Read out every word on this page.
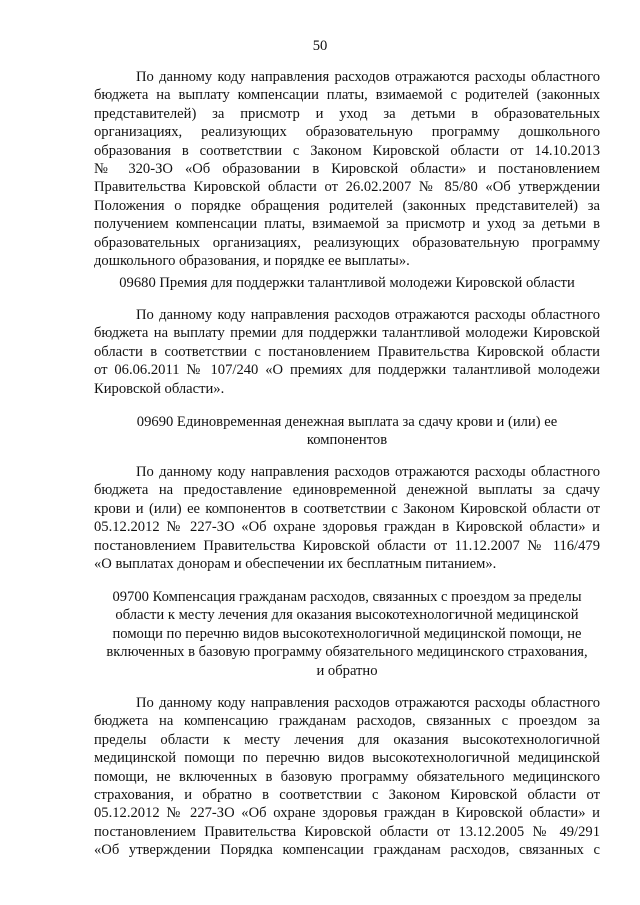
50
По данному коду направления расходов отражаются расходы областного
бюджета на выплату компенсации платы, взимаемой с родителей (законных
представителей) за присмотр и уход за детьми в образовательных
организациях, реализующих образовательную программу дошкольного
образования в соответствии с Законом Кировской области от 14.10.2013
№ 320-ЗО «Об образовании в Кировской области» и постановлением
Правительства Кировской области от 26.02.2007 № 85/80 «Об утверждении
Положения о порядке обращения родителей (законных представителей) за
получением компенсации платы, взимаемой за присмотр и уход за детьми в
образовательных организациях, реализующих образовательную программу
дошкольного образования, и порядке ее выплаты».
09680 Премия для поддержки талантливой молодежи Кировской области
По данному коду направления расходов отражаются расходы областного
бюджета на выплату премии для поддержки талантливой молодежи Кировской
области в соответствии с постановлением Правительства Кировской области
от 06.06.2011 № 107/240 «О премиях для поддержки талантливой молодежи
Кировской области».
09690 Единовременная денежная выплата за сдачу крови и (или) ее
компонентов
По данному коду направления расходов отражаются расходы областного
бюджета на предоставление единовременной денежной выплаты за сдачу
крови и (или) ее компонентов в соответствии с Законом Кировской области от
05.12.2012 № 227-ЗО «Об охране здоровья граждан в Кировской области» и
постановлением Правительства Кировской области от 11.12.2007 № 116/479
«О выплатах донорам и обеспечении их бесплатным питанием».
09700 Компенсация гражданам расходов, связанных с проездом за пределы
области к месту лечения для оказания высокотехнологичной медицинской
помощи по перечню видов высокотехнологичной медицинской помощи, не
включенных в базовую программу обязательного медицинского страхования,
и обратно
По данному коду направления расходов отражаются расходы областного
бюджета на компенсацию гражданам расходов, связанных с проездом за
пределы области к месту лечения для оказания высокотехнологичной
медицинской помощи по перечню видов высокотехнологичной медицинской
помощи, не включенных в базовую программу обязательного медицинского
страхования, и обратно в соответствии с Законом Кировской области от
05.12.2012 № 227-ЗО «Об охране здоровья граждан в Кировской области» и
постановлением Правительства Кировской области от 13.12.2005 № 49/291
«Об утверждении Порядка компенсации гражданам расходов, связанных с
